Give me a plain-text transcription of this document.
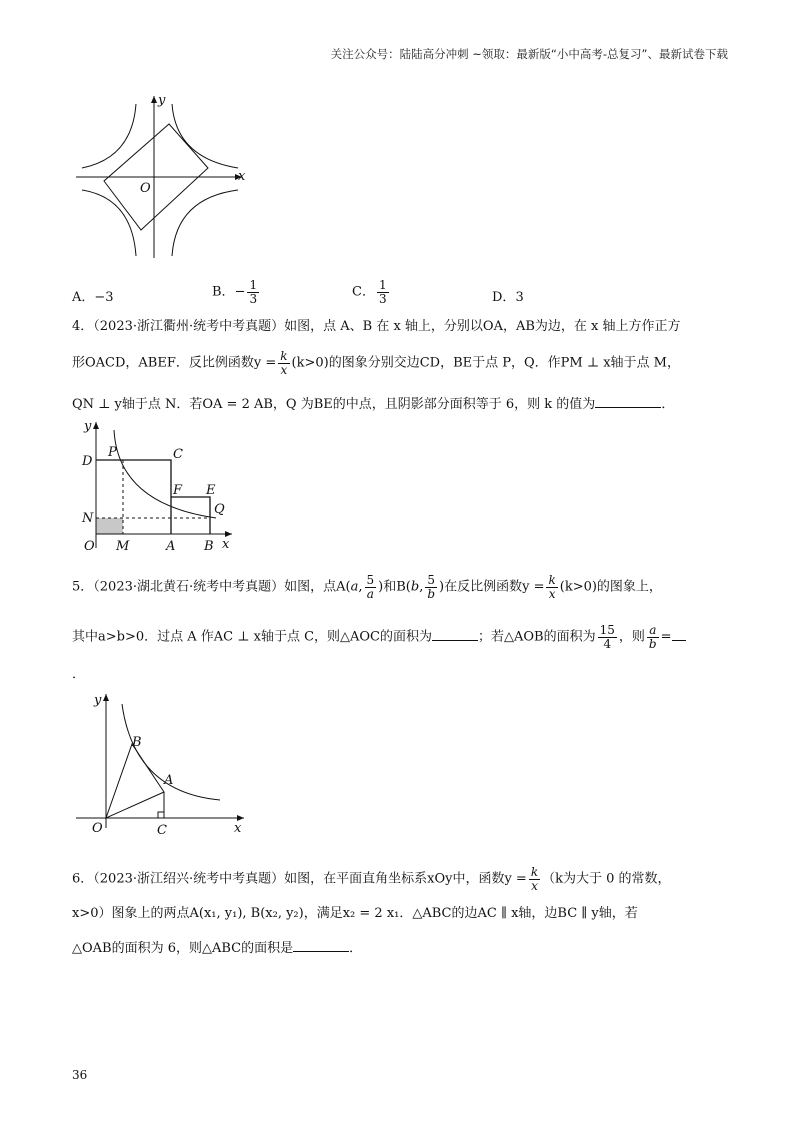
关注公众号：陆陆高分冲刺 ~领取：最新版“小中高考-总复习”、最新试卷下载
x
y
O
A．−3	B．− $\frac{1}{3}$	C． $\frac{1}{3}$	D．3
4．（2023·浙江衢州·统考中考真题）如图，点 A、B 在 x 轴上，分别以OA，AB为边，在 x 轴上方作正方
形OACD，ABEF．反比例函数$y = \frac{k}{x} (k>0)$的图象分别交边CD，BE于点 P，Q．作PM ⊥ x轴于点 M，
QN ⊥ y轴于点 N．若OA = 2 AB，Q 为BE的中点，且阴影部分面积等于 6，则 k 的值为	．
y
x
D
P	C
F E
Q
N
O M	A B
5．（2023·湖北黄石·统考中考真题）如图，点A(a, $\frac{5}{a}$ )和B(b, $\frac{5}{b}$ )在反比例函数$y = \frac{k}{x} (k>0)$的图象上，
其中a>b>0．过点 A 作AC ⊥ x轴于点 C，则△AOC的面积为	；若△AOB的面积为 $\frac{15}{4}$ ，则 $\frac{a}{b}$ =
．
y
B
A
O	C	x
6．（2023·浙江绍兴·统考中考真题）如图，在平面直角坐标系xOy中，函数$y = \frac{k}{x} (k$为大于 0 的常数，
x>0）图象上的两点A(x₁, y₁), B(x₂, y₂)，满足x₂ = 2 x₁．△ABC的边AC ∥ x轴，边BC ∥ y轴，若
△OAB的面积为 6，则△ABC的面积是	．
36
